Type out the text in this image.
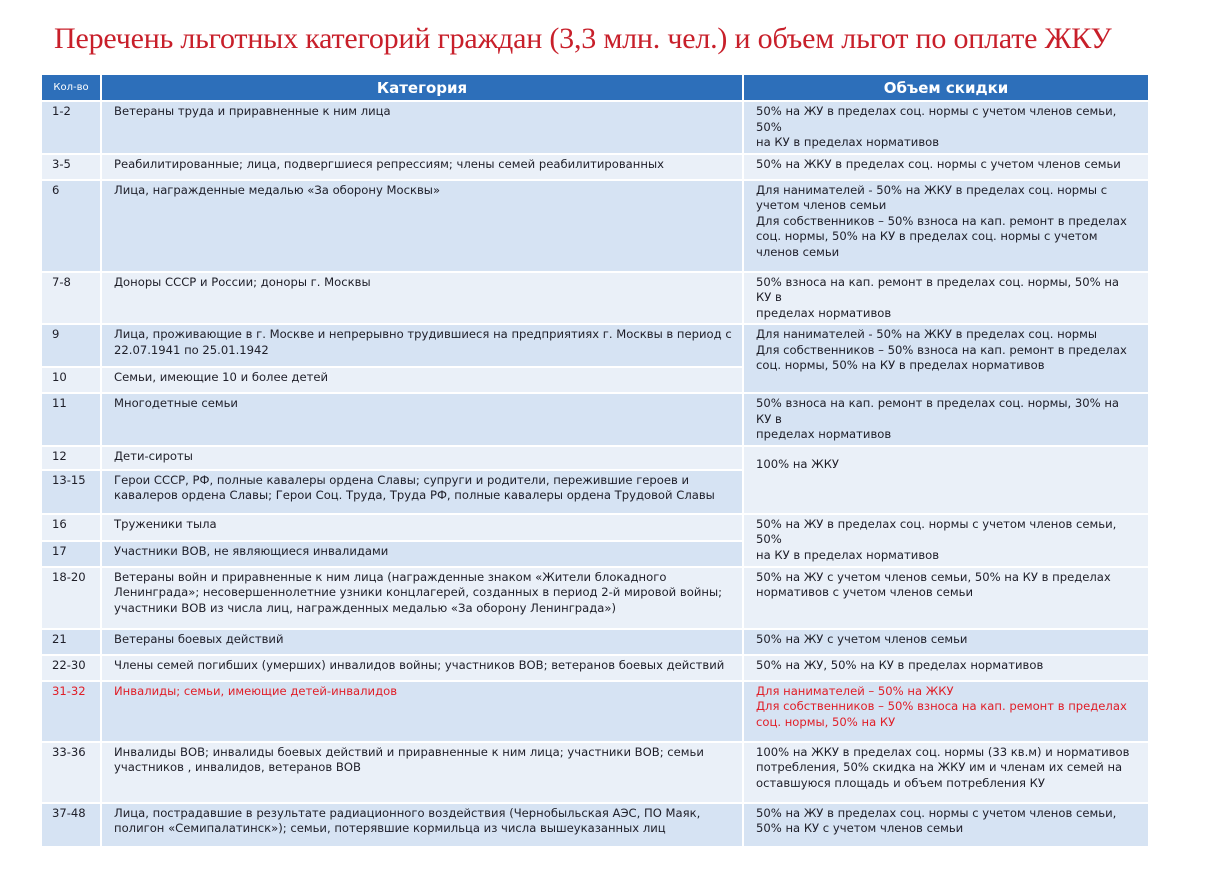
Перечень льготных категорий граждан (3,3 млн. чел.) и объем льгот по оплате ЖКУ
Кол-во	Категория	Объем скидки
1-2	Ветераны труда и приравненные к ним лица	50% на ЖУ в пределах соц. нормы с учетом членов семьи, 50%
на КУ в пределах нормативов

3-5	Реабилитированные; лица, подвергшиеся репрессиям; члены семей реабилитированных	50% на ЖКУ в пределах соц. нормы с учетом членов семьи

6	Лица, награжденные медалью «За оборону Москвы»	Для нанимателей - 50% на ЖКУ в пределах соц. нормы с
учетом членов семьи
Для собственников – 50% взноса на кап. ремонт в пределах
соц. нормы, 50% на КУ в пределах соц. нормы с учетом
членов семьи

7-8	Доноры СССР и России; доноры г. Москвы	50% взноса на кап. ремонт в пределах соц. нормы, 50% на КУ в
пределах нормативов

9	Лица, проживающие в г. Москве и непрерывно трудившиеся на предприятиях г. Москвы в период с
22.07.1941 по 25.01.1942	Для нанимателей - 50% на ЖКУ в пределах соц. нормы
Для собственников – 50% взноса на кап. ремонт в пределах
соц. нормы, 50% на КУ в пределах нормативов

10	Семьи, имеющие 10 и более детей	
11	Многодетные семьи	50% взноса на кап. ремонт в пределах соц. нормы, 30% на КУ в
пределах нормативов

12	Дети-сироты	100% на ЖКУ

13-15	Герои СССР, РФ, полные кавалеры ордена Славы; супруги и родители, пережившие героев и
кавалеров ордена Славы; Герои Соц. Труда, Труда РФ, полные кавалеры ордена Трудовой Славы	

16	Труженики тыла	50% на ЖУ в пределах соц. нормы с учетом членов семьи, 50%
на КУ в пределах нормативов

17	Участники ВОВ, не являющиеся инвалидами	
18-20	Ветераны войн и приравненные к ним лица (награжденные знаком «Жители блокадного
Ленинграда»; несовершеннолетние узники концлагерей, созданных в период 2-й мировой войны;
участники ВОВ из числа лиц, награжденных медалью «За оборону Ленинграда»)	50% на ЖУ с учетом членов семьи, 50% на КУ в пределах
нормативов с учетом членов семьи

21	Ветераны боевых действий	50% на ЖУ с учетом членов семьи

22-30	Члены семей погибших (умерших) инвалидов войны; участников ВОВ; ветеранов боевых действий	50% на ЖУ, 50% на КУ в пределах нормативов

31-32	Инвалиды; семьи, имеющие детей-инвалидов	Для нанимателей – 50% на ЖКУ
Для собственников – 50% взноса на кап. ремонт в пределах
соц. нормы, 50% на КУ

33-36	Инвалиды ВОВ; инвалиды боевых действий и приравненные к ним лица; участники ВОВ; семьи
участников , инвалидов, ветеранов ВОВ	100% на ЖКУ в пределах соц. нормы (33 кв.м) и нормативов
потребления, 50% скидка на ЖКУ им и членам их семей на
оставшуюся площадь и объем потребления КУ

37-48	Лица, пострадавшие в результате радиационного воздействия (Чернобыльская АЭС, ПО Маяк,
полигон «Семипалатинск»); семьи, потерявшие кормильца из числа вышеуказанных лиц	50% на ЖУ в пределах соц. нормы с учетом членов семьи,
50% на КУ с учетом членов семьи
